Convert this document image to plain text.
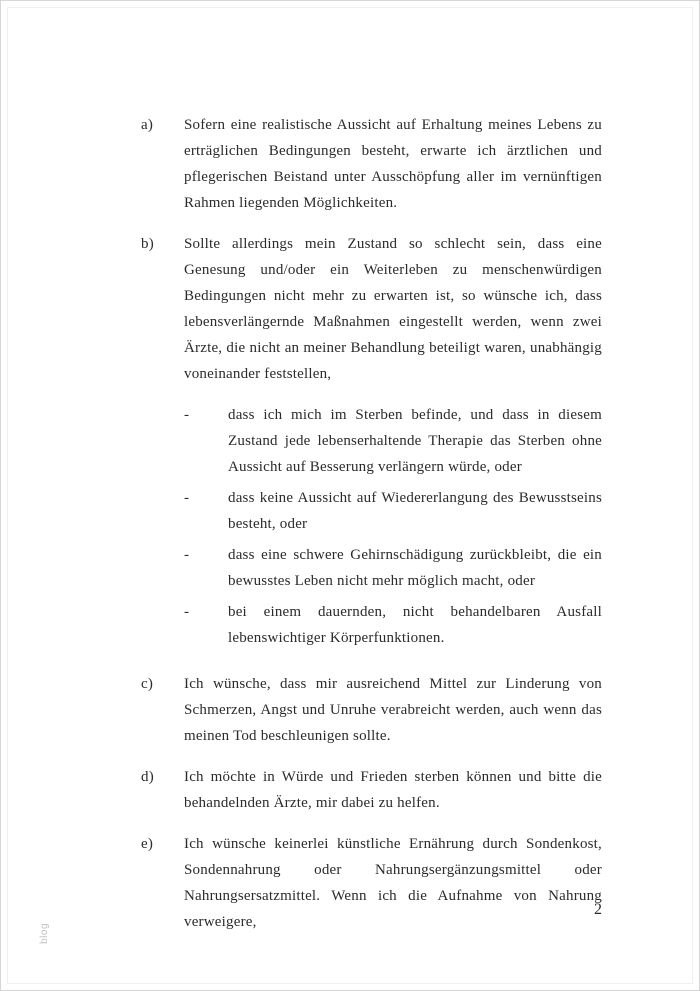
a)	Sofern eine realistische Aussicht auf Erhaltung meines Lebens zu erträglichen Bedingungen besteht, erwarte ich ärztlichen und pflegerischen Beistand unter Ausschöpfung aller im vernünftigen Rahmen liegenden Möglichkeiten.

b)	Sollte allerdings mein Zustand so schlecht sein, dass eine Genesung und/oder ein Weiterleben zu menschenwürdigen Bedingungen nicht mehr zu erwarten ist, so wünsche ich, dass lebensverlängernde Maßnahmen eingestellt werden, wenn zwei Ärzte, die nicht an meiner Behandlung beteiligt waren, unabhängig voneinander feststellen,

-	dass ich mich im Sterben befinde, und dass in diesem Zustand jede lebenserhaltende Therapie das Sterben ohne Aussicht auf Besserung verlängern würde, oder
-	dass keine Aussicht auf Wiedererlangung des Bewusstseins besteht, oder
-	dass eine schwere Gehirnschädigung zurückbleibt, die ein bewusstes Leben nicht mehr möglich macht, oder
-	bei einem dauernden, nicht behandelbaren Ausfall lebenswichtiger Körperfunktionen.
c)	Ich wünsche, dass mir ausreichend Mittel zur Linderung von Schmerzen, Angst und Unruhe verabreicht werden, auch wenn das meinen Tod beschleunigen sollte.

d)	Ich möchte in Würde und Frieden sterben können und bitte die behandelnden Ärzte, mir dabei zu helfen.

e)	Ich wünsche keinerlei künstliche Ernährung durch Sondenkost, Sondennahrung oder Nahrungsergänzungsmittel oder Nahrungsersatzmittel. Wenn ich die Aufnahme von Nahrung verweigere,

2
blog
